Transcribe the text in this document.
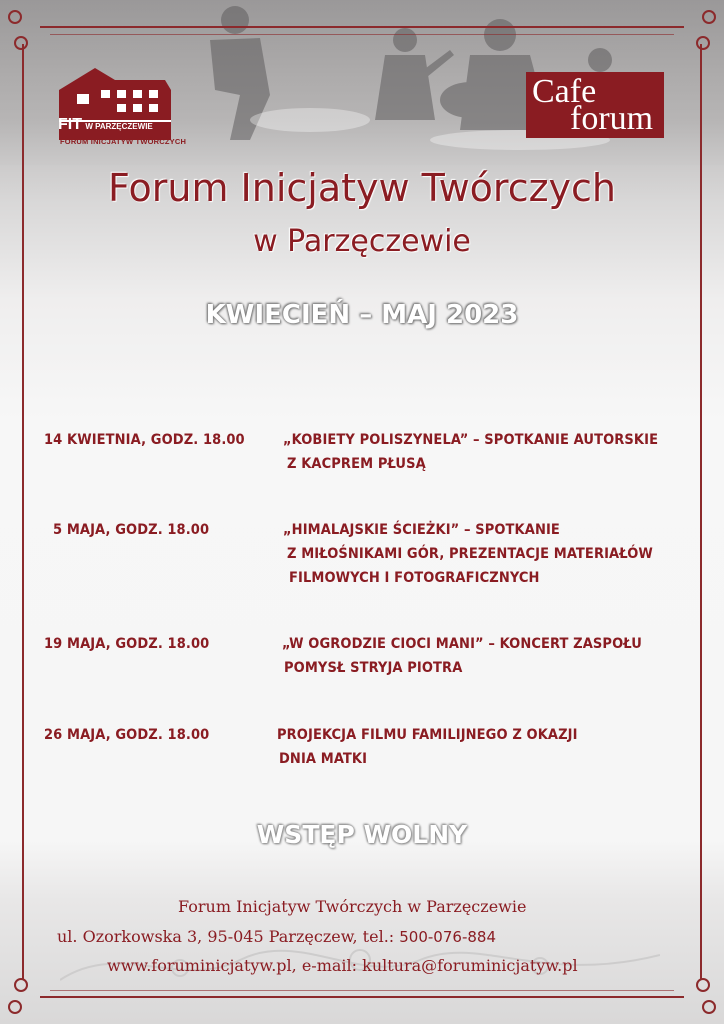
FIT W PARZĘCZEWIE
FORUM INICJATYW TWÓRCZYCH
Cafe
forum
Forum Inicjatyw Twórczych
w Parzęczewie
KWIECIEŃ – MAJ 2023
14 KWIETNIA, GODZ. 18.00	„KOBIETY POLISZYNELA” – SPOTKANIE AUTORSKIE
Z KACPREM PŁUSĄ
5 MAJA, GODZ. 18.00	„HIMALAJSKIE ŚCIEŻKI” – SPOTKANIE
Z MIŁOŚNIKAMI GÓR, PREZENTACJE MATERIAŁÓW
FILMOWYCH I FOTOGRAFICZNYCH
19 MAJA, GODZ. 18.00	„W OGRODZIE CIOCI MANI” – KONCERT ZASPOŁU
POMYSŁ STRYJA PIOTRA
26 MAJA, GODZ. 18.00	PROJEKCJA FILMU FAMILIJNEGO Z OKAZJI
DNIA MATKI
WSTĘP WOLNY
Forum Inicjatyw Twórczych w Parzęczewie
ul. Ozorkowska 3, 95-045 Parzęczew, tel.: 500-076-884
www.foruminicjatyw.pl, e-mail: kultura@foruminicjatyw.pl
